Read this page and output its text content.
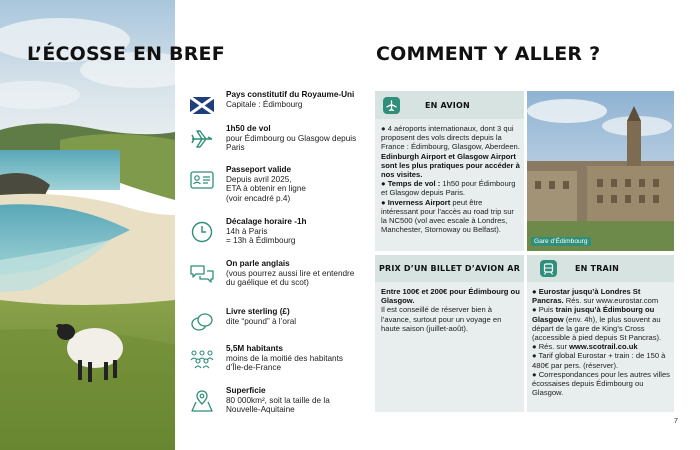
L’ÉCOSSE EN BREF	COMMENT Y ALLER ?
Pays constitutif du Royaume-Uni
Capitale : Édimbourg
1h50 de vol
pour Édimbourg ou Glasgow depuis Paris
Passeport valide
Depuis avril 2025,
ETA à obtenir en ligne
(voir encadré p.4)
Décalage horaire -1h
14h à Paris
= 13h à Édimbourg
On parle anglais
(vous pourrez aussi lire et entendre du gaélique et du scot)
Livre sterling (£)
dite “pound” à l’oral
5,5M habitants
moins de la moitié des habitants d’Île-de-France
Superficie
80 000km², soit la taille de la Nouvelle-Aquitaine
EN AVION

● 4 aéroports internationaux, dont 3 qui proposent des vols directs depuis la France : Édimbourg, Glasgow, Aberdeen. Edinburgh Airport et Glasgow Airport sont les plus pratiques pour accéder à nos visites.

● Temps de vol : 1h50 pour Édimbourg et Glasgow depuis Paris.

● Inverness Airport peut être intéressant pour l’accès au road trip sur la NC500 (vol avec escale à Londres, Manchester, Stornoway ou Belfast).

Gare d’Édimbourg
PRIX D’UN BILLET D’AVION AR

Entre 100€ et 200€ pour Édimbourg ou Glasgow.

Il est conseillé de réserver bien à l’avance, surtout pour un voyage en haute saison (juillet-août).

EN TRAIN

● Eurostar jusqu’à Londres St Pancras. Rés. sur www.eurostar.com

● Puis train jusqu’à Édimbourg ou Glasgow (env. 4h), le plus souvent au départ de la gare de King’s Cross (accessible à pied depuis St Pancras).

● Rés. sur www.scotrail.co.uk

● Tarif global Eurostar + train : de 150 à 480€ par pers. (réserver).

● Correspondances pour les autres villes écossaises depuis Édimbourg ou Glasgow.

7
